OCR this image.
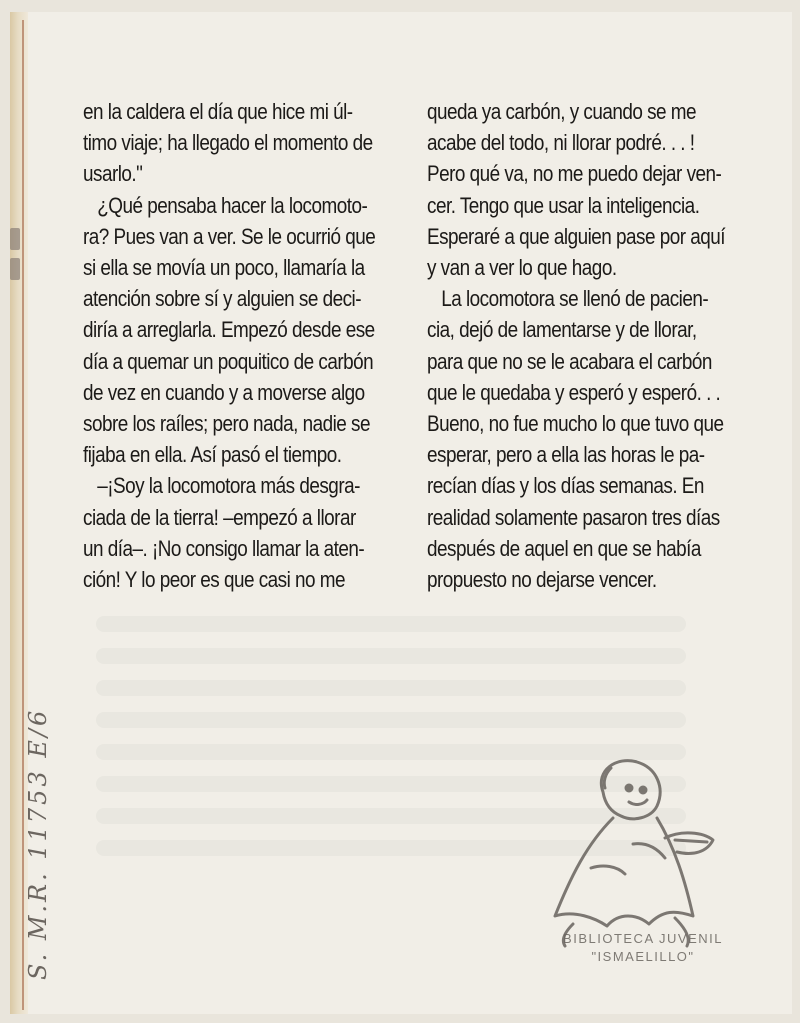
en la caldera el día que hice mi úl-

timo viaje; ha llegado el momento de

usarlo."

¿Qué pensaba hacer la locomoto-

ra? Pues van a ver. Se le ocurrió que

si ella se movía un poco, llamaría la

atención sobre sí y alguien se deci-

diría a arreglarla. Empezó desde ese

día a quemar un poquitico de carbón

de vez en cuando y a moverse algo

sobre los raíles; pero nada, nadie se

fijaba en ella. Así pasó el tiempo.

–¡Soy la locomotora más desgra-

ciada de la tierra! –empezó a llorar

un día–. ¡No consigo llamar la aten-

ción! Y lo peor es que casi no me

queda ya carbón, y cuando se me

acabe del todo, ni llorar podré. . . !

Pero qué va, no me puedo dejar ven-

cer. Tengo que usar la inteligencia.

Esperaré a que alguien pase por aquí

y van a ver lo que hago.

La locomotora se llenó de pacien-

cia, dejó de lamentarse y de llorar,

para que no se le acabara el carbón

que le quedaba y esperó y esperó. . .

Bueno, no fue mucho lo que tuvo que

esperar, pero a ella las horas le pa-

recían días y los días semanas. En

realidad solamente pasaron tres días

después de aquel en que se había

propuesto no dejarse vencer.

S. M.R. 11753 E/6	BIBLIOTECA JUVENIL
"ISMAELILLO"
